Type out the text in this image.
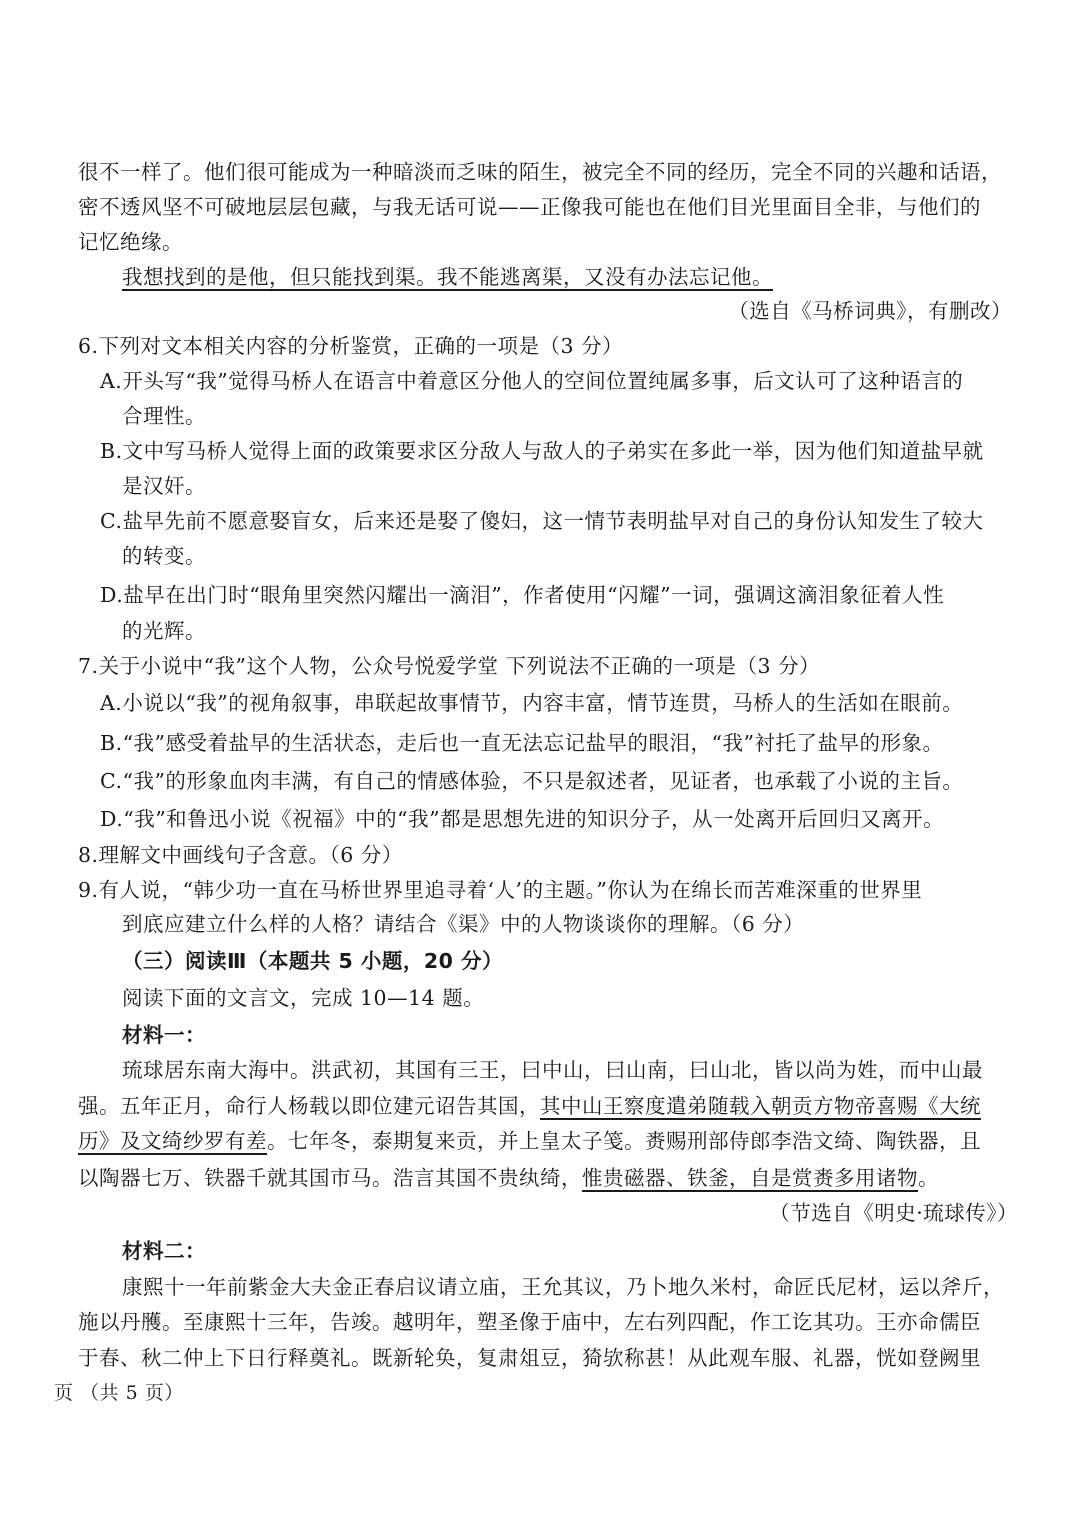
很不一样了。他们很可能成为一种暗淡而乏味的陌生，被完全不同的经历，完全不同的兴趣和话语，
密不透风坚不可破地层层包藏，与我无话可说——正像我可能也在他们目光里面目全非，与他们的
记忆绝缘。
我想找到的是他，但只能找到渠。我不能逃离渠，又没有办法忘记他。
（选自《马桥词典》，有删改）
6.下列对文本相关内容的分析鉴赏，正确的一项是（3 分）
A.开头写“我”觉得马桥人在语言中着意区分他人的空间位置纯属多事，后文认可了这种语言的
合理性。
B.文中写马桥人觉得上面的政策要求区分敌人与敌人的子弟实在多此一举，因为他们知道盐早就
是汉奸。
C.盐早先前不愿意娶盲女，后来还是娶了傻妇，这一情节表明盐早对自己的身份认知发生了较大
的转变。
D.盐早在出门时“眼角里突然闪耀出一滴泪”，作者使用“闪耀”一词，强调这滴泪象征着人性
的光辉。
7.关于小说中“我”这个人物，公众号悦爱学堂 下列说法不正确的一项是（3 分）
A.小说以“我”的视角叙事，串联起故事情节，内容丰富，情节连贯，马桥人的生活如在眼前。
B.“我”感受着盐早的生活状态，走后也一直无法忘记盐早的眼泪，“我”衬托了盐早的形象。
C.“我”的形象血肉丰满，有自己的情感体验，不只是叙述者，见证者，也承载了小说的主旨。
D.“我”和鲁迅小说《祝福》中的“我”都是思想先进的知识分子，从一处离开后回归又离开。
8.理解文中画线句子含意。（6 分）
9.有人说，“韩少功一直在马桥世界里追寻着‘人’的主题。”你认为在绵长而苦难深重的世界里
到底应建立什么样的人格？请结合《渠》中的人物谈谈你的理解。（6 分）
（三）阅读Ⅲ（本题共 5 小题，20 分）
阅读下面的文言文，完成 10—14 题。
材料一：
琉球居东南大海中。洪武初，其国有三王，曰中山，曰山南，曰山北，皆以尚为姓，而中山最
强。五年正月，命行人杨载以即位建元诏告其国，其中山王察度遣弟随载入朝贡方物帝喜赐《大统
历》及文绮纱罗有差。七年冬，泰期复来贡，并上皇太子笺。赉赐刑部侍郎李浩文绮、陶铁器，且
以陶器七万、铁器千就其国市马。浩言其国不贵纨绮，惟贵磁器、铁釜，自是赏赉多用诸物。
（节选自《明史·琉球传》）
材料二：
康熙十一年前紫金大夫金正春启议请立庙，王允其议，乃卜地久米村，命匠氏尼材，运以斧斤，
施以丹雘。至康熙十三年，告竣。越明年，塑圣像于庙中，左右列四配，作工讫其功。王亦命儒臣
于春、秋二仲上下日行释奠礼。既新轮奂，复肃俎豆，猗欤称甚！从此观车服、礼器，恍如登阙里
页 （共 5 页）
